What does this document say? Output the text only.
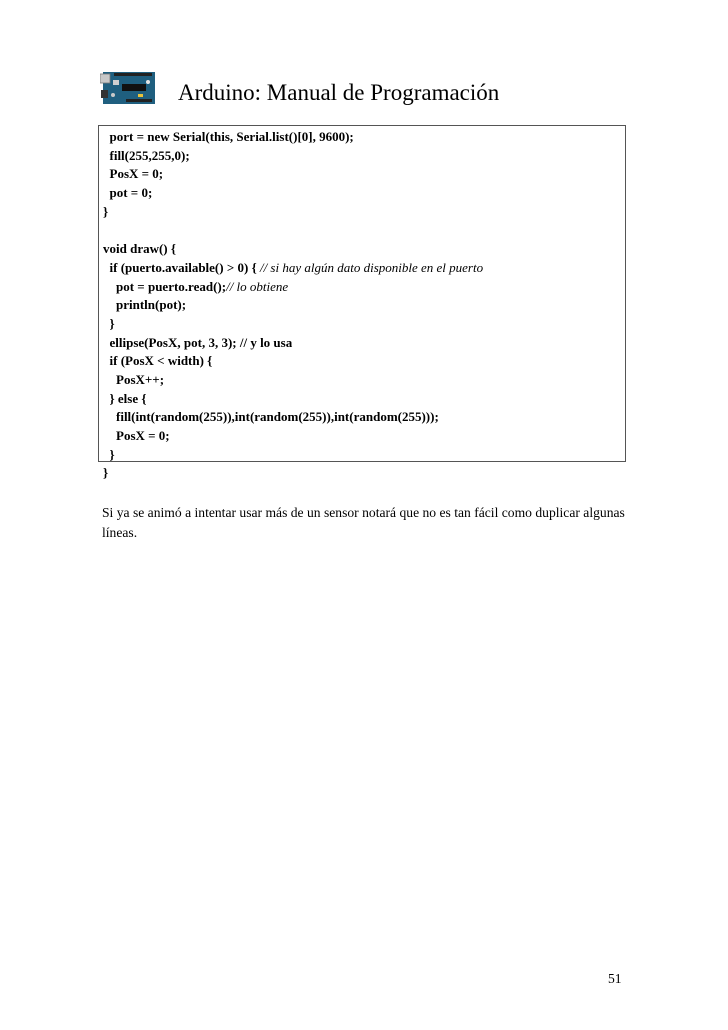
Arduino: Manual de Programación
port = new Serial(this, Serial.list()[0], 9600);
fill(255,255,0);
PosX = 0;
pot = 0;
}
void draw() {
if (puerto.available() > 0) { // si hay algún dato disponible en el puerto
pot = puerto.read();// lo obtiene
println(pot);
}
ellipse(PosX, pot, 3, 3); // y lo usa
if (PosX < width) {
PosX++;
} else {
fill(int(random(255)),int(random(255)),int(random(255)));
PosX = 0;
}
}
Si ya se animó a intentar usar más de un sensor notará que no es tan fácil como duplicar algunas líneas.
51
